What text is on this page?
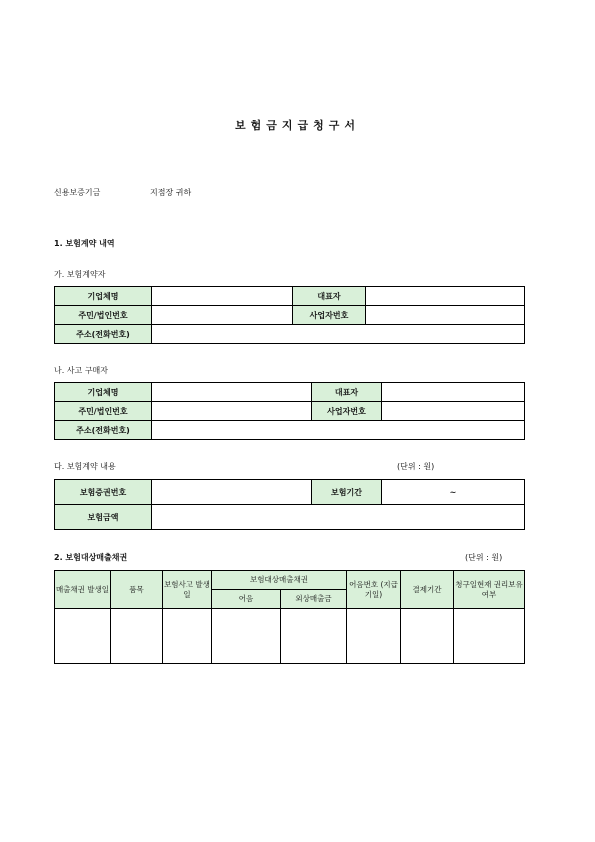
보험금지급청구서
신용보증기금	지점장 귀하
1. 보험계약 내역
가. 보험계약자
기업체명		대표자	
주민/법인번호		사업자번호	
주소(전화번호)			
나. 사고 구매자
기업체명		대표자	
주민/법인번호		사업자번호	
주소(전화번호)			
다. 보험계약 내용	(단위 : 원)
보험증권번호		보험기간	~
보험금액			
2. 보험대상매출채권	(단위 : 원)
매출채권 발생일	품목	보험사고 발생일	보험대상매출채권		어음번호 (지급기일)	결제기간	청구일현재 권리보유여부
			어음	외상매출금			
